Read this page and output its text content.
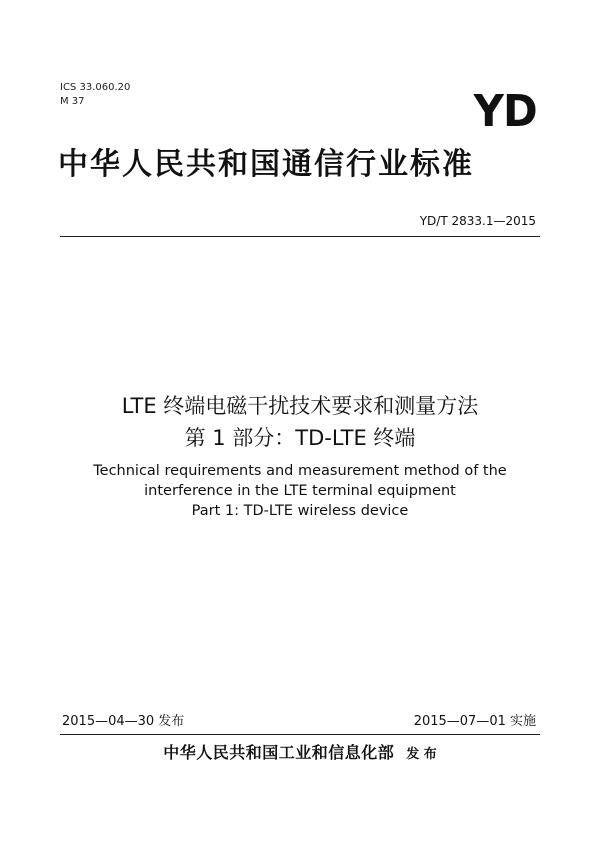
ICS 33.060.20
M 37	YD
中华人民共和国通信行业标准
YD/T 2833.1—2015
LTE 终端电磁干扰技术要求和测量方法
第 1 部分：TD-LTE 终端
Technical requirements and measurement method of the
interference in the LTE terminal equipment
Part 1: TD-LTE wireless device
2015—04—30 发布	2015—07—01 实施
中华人民共和国工业和信息化部 发 布
